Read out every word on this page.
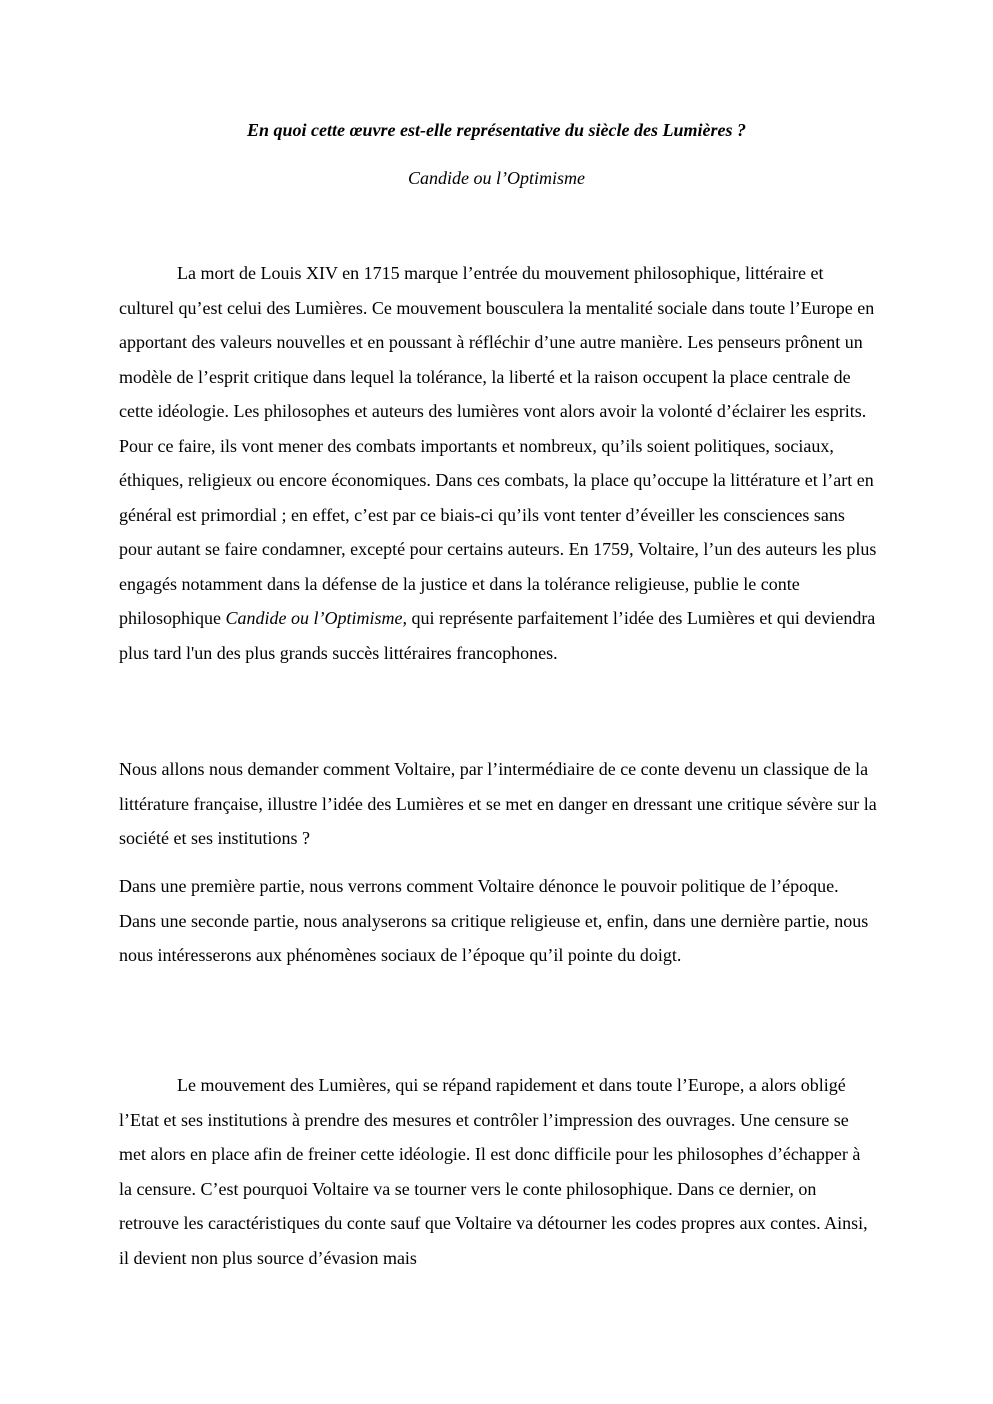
En quoi cette œuvre est-elle représentative du siècle des Lumières ?
Candide ou l’Optimisme

La mort de Louis XIV en 1715 marque l’entrée du mouvement philosophique, littéraire et culturel qu’est celui des Lumières. Ce mouvement bousculera la mentalité sociale dans toute l’Europe en apportant des valeurs nouvelles et en poussant à réfléchir d’une autre manière. Les penseurs prônent un modèle de l’esprit critique dans lequel la tolérance, la liberté et la raison occupent la place centrale de cette idéologie. Les philosophes et auteurs des lumières vont alors avoir la volonté d’éclairer les esprits. Pour ce faire, ils vont mener des combats importants et nombreux, qu’ils soient politiques, sociaux, éthiques, religieux ou encore économiques. Dans ces combats, la place qu’occupe la littérature et l’art en général est primordial ; en effet, c’est par ce biais-ci qu’ils vont tenter d’éveiller les consciences sans pour autant se faire condamner, excepté pour certains auteurs. En 1759, Voltaire, l’un des auteurs les plus engagés notamment dans la défense de la justice et dans la tolérance religieuse, publie le conte philosophique Candide ou l’Optimisme, qui représente parfaitement l’idée des Lumières et qui deviendra plus tard l'un des plus grands succès littéraires francophones.

Nous allons nous demander comment Voltaire, par l’intermédiaire de ce conte devenu un classique de la littérature française, illustre l’idée des Lumières et se met en danger en dressant une critique sévère sur la société et ses institutions ?

Dans une première partie, nous verrons comment Voltaire dénonce le pouvoir politique de l’époque. Dans une seconde partie, nous analyserons sa critique religieuse et, enfin, dans une dernière partie, nous nous intéresserons aux phénomènes sociaux de l’époque qu’il pointe du doigt.

Le mouvement des Lumières, qui se répand rapidement et dans toute l’Europe, a alors obligé l’Etat et ses institutions à prendre des mesures et contrôler l’impression des ouvrages. Une censure se met alors en place afin de freiner cette idéologie. Il est donc difficile pour les philosophes d’échapper à la censure. C’est pourquoi Voltaire va se tourner vers le conte philosophique. Dans ce dernier, on retrouve les caractéristiques du conte sauf que Voltaire va détourner les codes propres aux contes. Ainsi, il devient non plus source d’évasion mais
